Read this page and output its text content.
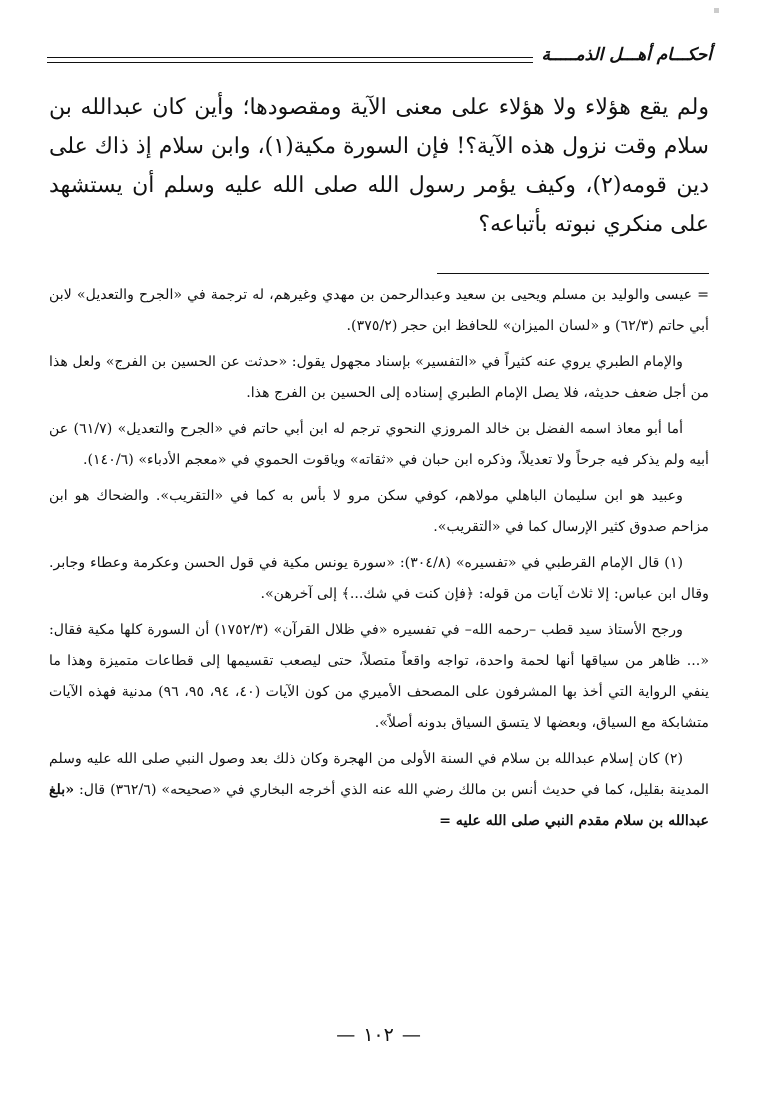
أحكـــام أهـــل الذمـــــة

ولم يقع هؤلاء ولا هؤلاء على معنى الآية ومقصودها؛ وأين كان عبدالله بن سلام وقت نزول هذه الآية؟! فإن السورة مكية(١)، وابن سلام إذ ذاك على دين قومه(٢)، وكيف يؤمر رسول الله صلى الله عليه وسلم أن يستشهد على منكري نبوته بأتباعه؟

= عيسى والوليد بن مسلم ويحيى بن سعيد وعبدالرحمن بن مهدي وغيرهم، له ترجمة في «الجرح والتعديل» لابن أبي حاتم (٦٢/٣) و «لسان الميزان» للحافظ ابن حجر (٣٧٥/٢).

والإمام الطبري يروي عنه كثيراً في «التفسير» بإسناد مجهول يقول: «حدثت عن الحسين بن الفرج» ولعل هذا من أجل ضعف حديثه، فلا يصل الإمام الطبري إسناده إلى الحسين بن الفرج هذا.

أما أبو معاذ اسمه الفضل بن خالد المروزي النحوي ترجم له ابن أبي حاتم في «الجرح والتعديل» (٦١/٧) عن أبيه ولم يذكر فيه جرحاً ولا تعديلاً، وذكره ابن حبان في «ثقاته» وياقوت الحموي في «معجم الأدباء» (١٤٠/٦).

وعبيد هو ابن سليمان الباهلي مولاهم، كوفي سكن مرو لا بأس به كما في «التقريب». والضحاك هو ابن مزاحم صدوق كثير الإرسال كما في «التقريب».

(١) قال الإمام القرطبي في «تفسيره» (٣٠٤/٨): «سورة يونس مكية في قول الحسن وعكرمة وعطاء وجابر. وقال ابن عباس: إلا ثلاث آيات من قوله: ﴿فإن كنت في شك...﴾ إلى آخرهن».

ورجح الأستاذ سيد قطب –رحمه الله– في تفسيره «في ظلال القرآن» (١٧٥٢/٣) أن السورة كلها مكية فقال: «... ظاهر من سياقها أنها لحمة واحدة، تواجه واقعاً متصلاً، حتى ليصعب تقسيمها إلى قطاعات متميزة وهذا ما ينفي الرواية التي أخذ بها المشرفون على المصحف الأميري من كون الآيات (٤٠، ٩٤، ٩٥، ٩٦) مدنية فهذه الآيات متشابكة مع السياق، وبعضها لا يتسق السياق بدونه أصلاً».

(٢) كان إسلام عبدالله بن سلام في السنة الأولى من الهجرة وكان ذلك بعد وصول النبي صلى الله عليه وسلم المدينة بقليل، كما في حديث أنس بن مالك رضي الله عنه الذي أخرجه البخاري في «صحيحه» (٣٦٢/٦) قال: «بلغ عبدالله بن سلام مقدم النبي صلى الله عليه =

—١٠٢—
